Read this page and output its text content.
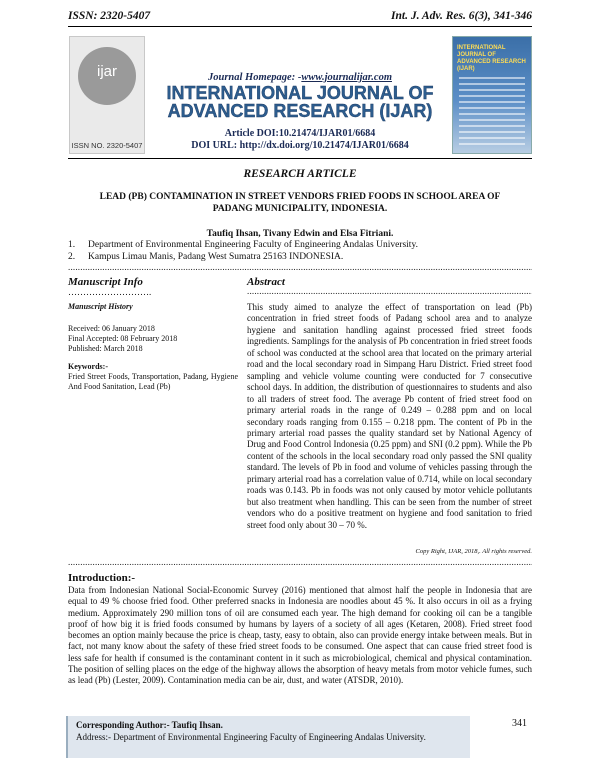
ISSN: 2320-5407	Int. J. Adv. Res. 6(3), 341-346
ijar
ISSN NO. 2320-5407
Journal Homepage: -www.journalijar.com
INTERNATIONAL JOURNAL OF
ADVANCED RESEARCH (IJAR)
Article DOI:10.21474/IJAR01/6684
DOI URL: http://dx.doi.org/10.21474/IJAR01/6684
INTERNATIONAL JOURNAL OF ADVANCED RESEARCH (IJAR)
RESEARCH ARTICLE
LEAD (PB) CONTAMINATION IN STREET VENDORS FRIED FOODS IN SCHOOL AREA OF PADANG MUNICIPALITY, INDONESIA.
Taufiq Ihsan, Tivany Edwin and Elsa Fitriani.
1.	Department of Environmental Engineering Faculty of Engineering Andalas University.
2.	Kampus Limau Manis, Padang West Sumatra 25163 INDONESIA.
.....
Manuscript Info	Abstract
.....
……………………….
Manuscript History
Received: 06 January 2018
Final Accepted: 08 February 2018
Published: March 2018
Keywords:-
Fried Street Foods, Transportation, Padang, Hygiene And Food Sanitation, Lead (Pb)
This study aimed to analyze the effect of transportation on lead (Pb) concentration in fried street foods of Padang school area and to analyze hygiene and sanitation handling against processed fried street foods ingredients. Samplings for the analysis of Pb concentration in fried street foods of school was conducted at the school area that located on the primary arterial road and the local secondary road in Simpang Haru District. Fried street food sampling and vehicle volume counting were conducted for 7 consecutive school days. In addition, the distribution of questionnaires to students and also to all traders of street food. The average Pb content of fried street food on primary arterial roads in the range of 0.249 – 0.288 ppm and on local secondary roads ranging from 0.155 – 0.218 ppm. The content of Pb in the primary arterial road passes the quality standard set by National Agency of Drug and Food Control Indonesia (0.25 ppm) and SNI (0.2 ppm). While the Pb content of the schools in the local secondary road only passed the SNI quality standard. The levels of Pb in food and volume of vehicles passing through the primary arterial road has a correlation value of 0.714, while on local secondary roads was 0.143. Pb in foods was not only caused by motor vehicle pollutants but also treatment when handling. This can be seen from the number of street vendors who do a positive treatment on hygiene and food sanitation to fried street food only about 30 – 70 %.
Copy Right, IJAR, 2018,. All rights reserved.
.....
Introduction:-
Data from Indonesian National Social-Economic Survey (2016) mentioned that almost half the people in Indonesia that are equal to 49 % choose fried food. Other preferred snacks in Indonesia are noodles about 45 %. It also occurs in oil as a frying medium. Approximately 290 million tons of oil are consumed each year. The high demand for cooking oil can be a tangible proof of how big it is fried foods consumed by humans by layers of a society of all ages (Ketaren, 2008). Fried street food becomes an option mainly because the price is cheap, tasty, easy to obtain, also can provide energy intake between meals. But in fact, not many know about the safety of these fried street foods to be consumed. One aspect that can cause fried street food is less safe for health if consumed is the contaminant content in it such as microbiological, chemical and physical contamination. The position of selling places on the edge of the highway allows the absorption of heavy metals from motor vehicle fumes, such as lead (Pb) (Lester, 2009). Contamination media can be air, dust, and water (ATSDR, 2010).
Corresponding Author:- Taufiq Ihsan.
Address:- Department of Environmental Engineering Faculty of Engineering Andalas University.
341
